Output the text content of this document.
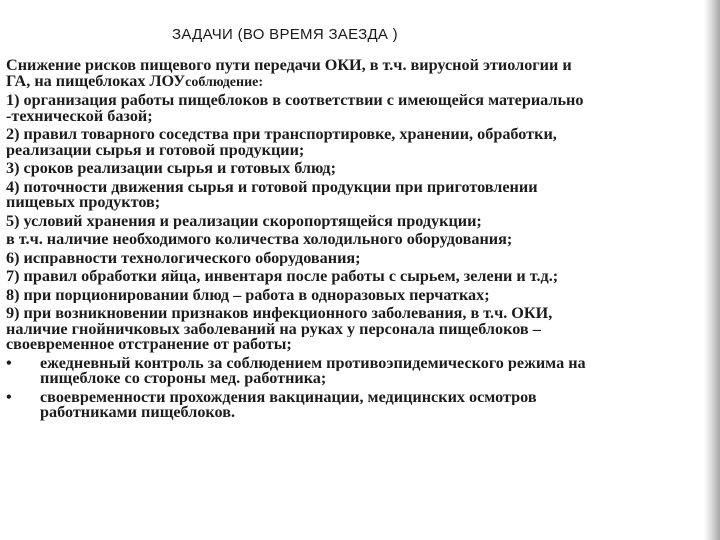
ЗАДАЧИ (ВО ВРЕМЯ ЗАЕЗДА )
Снижение рисков пищевого пути передачи ОКИ, в т.ч. вирусной этиологии и
ГА, на пищеблоках ЛОУсоблюдение:
1) организация работы пищеблоков в соответствии с имеющейся материально
-технической базой;
2) правил товарного соседства при транспортировке, хранении, обработки,
реализации сырья и готовой продукции;
3) сроков реализации сырья и готовых блюд;
4) поточности движения сырья и готовой продукции при приготовлении
пищевых продуктов;
5) условий хранения и реализации скоропортящейся продукции;
в т.ч. наличие необходимого количества холодильного оборудования;
6) исправности технологического оборудования;
7) правил обработки яйца, инвентаря после работы с сырьем, зелени и т.д.;
8) при порционировании блюд – работа в одноразовых перчатках;
9) при возникновении признаков инфекционного заболевания, в т.ч. ОКИ,
наличие гнойничковых заболеваний на руках у персонала пищеблоков –
своевременное отстранение от работы;
•	ежедневный контроль за соблюдением противоэпидемического режима на
пищеблоке со стороны мед. работника;
•	своевременности прохождения вакцинации, медицинских осмотров
работниками пищеблоков.
